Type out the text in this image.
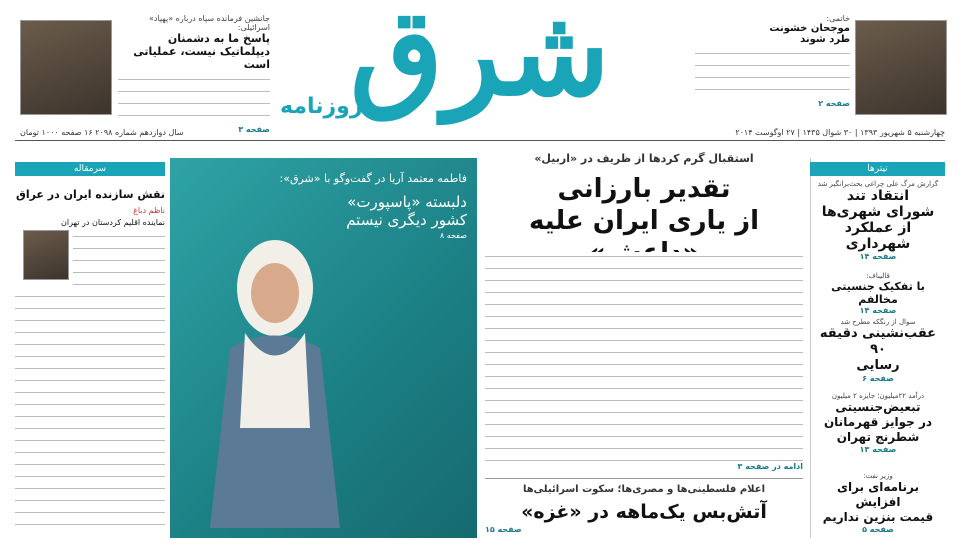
شرق
روزنامه
چهارشنبه ۵ شهریور ۱۳۹۳ | ۳۰ شوال ۱۴۳۵ | ۲۷ اوگوست ۲۰۱۴
سال دوازدهم شماره ۲۰۹۸ ۱۶ صفحه ۱۰۰۰ تومان
جانشین فرمانده سپاه درباره «پهپاد» اسرائیلی:
پاسخ ما به دشمنان
دیپلماتیک نیست، عملیاتی است
صفحه ۳
خاتمی:
موجحان خشونت
طرد شوند
صفحه ۲
تیترها
گزارش مرگ علی چراغی بحث‌برانگیز شد
انتقاد تند
شورای شهری‌ها
از عملکرد شهرداری
صفحه ۱۴
قالیباف:
با تفکیک جنسیتی مخالفم
صفحه ۱۴
سوال از رنگکه مطرح شد
عقب‌نشینی دقیقه ۹۰
رسایی
صفحه ۶
درآمد ۲۲میلیون؛ جایزه ۲ میلیون
تبعیض‌جنسیتی
در جوایز قهرمانان
شطرنج تهران
صفحه ۱۳
وزیر نفت:
برنامه‌ای برای افزایش
قیمت بنزین نداریم
صفحه ۵
استقبال گرم کردها از ظریف در «اربیل»
تقدیر بارزانی
از یاری ایران علیه
ادامه در صفحه ۳
اعلام فلسطینی‌ها و مصری‌ها؛ سکوت اسرائیلی‌ها
آتش‌بس یک‌ماهه در «غزه»
صفحه ۱۵
فاطمه معتمد آریا در گفت‌وگو با «شرق»:
دلبسته «پاسپورت»
کشور دیگری نیستم
صفحه ۸
سرمقاله
نقش سازنده ایران در عراق
ناظم دباغ
نماینده اقلیم کردستان در تهران
